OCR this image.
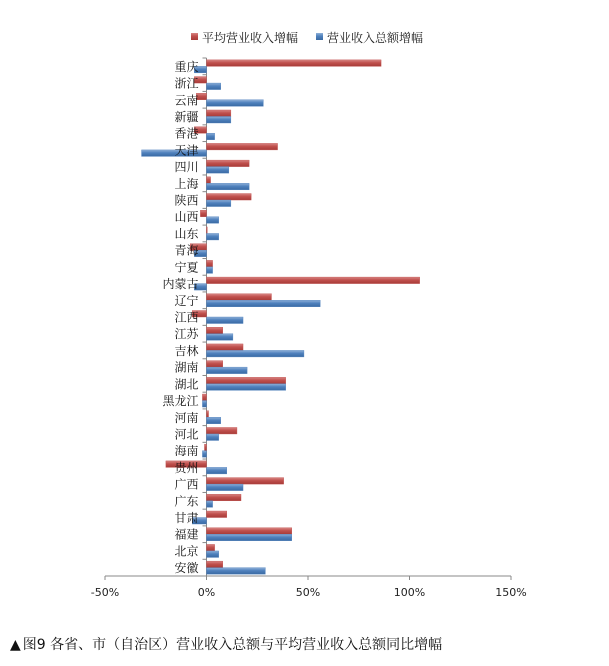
平均营业收入增幅 营业收入总额增幅
-50%	0%	50%	100%	150%
重庆
浙江
云南
新疆
香港
天津
四川
上海
陕西
山西
山东
青海
宁夏
内蒙古
辽宁
江西
江苏
吉林
湖南
湖北
黑龙江
河南
河北
海南
贵州
广西
广东
甘肃
福建
北京
安徽
▲ 图9 各省、市（自治区）营业收入总额与平均营业收入总额同比增幅
